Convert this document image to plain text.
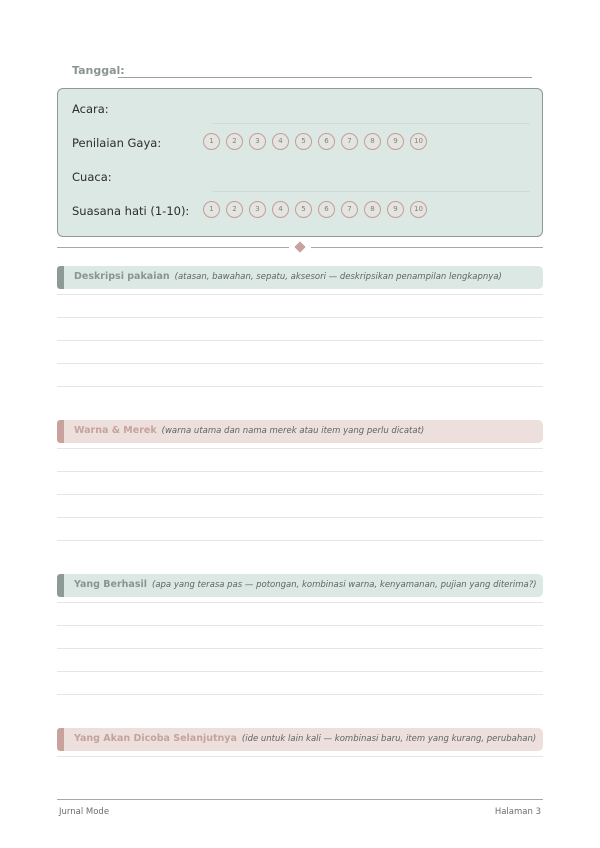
Tanggal:
Acara:
Penilaian Gaya:	1	2	3	4	5	6	7	8	9	10
Cuaca:
Suasana hati (1-10):	1	2	3	4	5	6	7	8	9	10
Deskripsi pakaian (atasan, bawahan, sepatu, aksesori — deskripsikan penampilan lengkapnya)
Warna & Merek (warna utama dan nama merek atau item yang perlu dicatat)
Yang Berhasil (apa yang terasa pas — potongan, kombinasi warna, kenyamanan, pujian yang diterima?)
Yang Akan Dicoba Selanjutnya (ide untuk lain kali — kombinasi baru, item yang kurang, perubahan)
Jurnal Mode	Halaman 3
